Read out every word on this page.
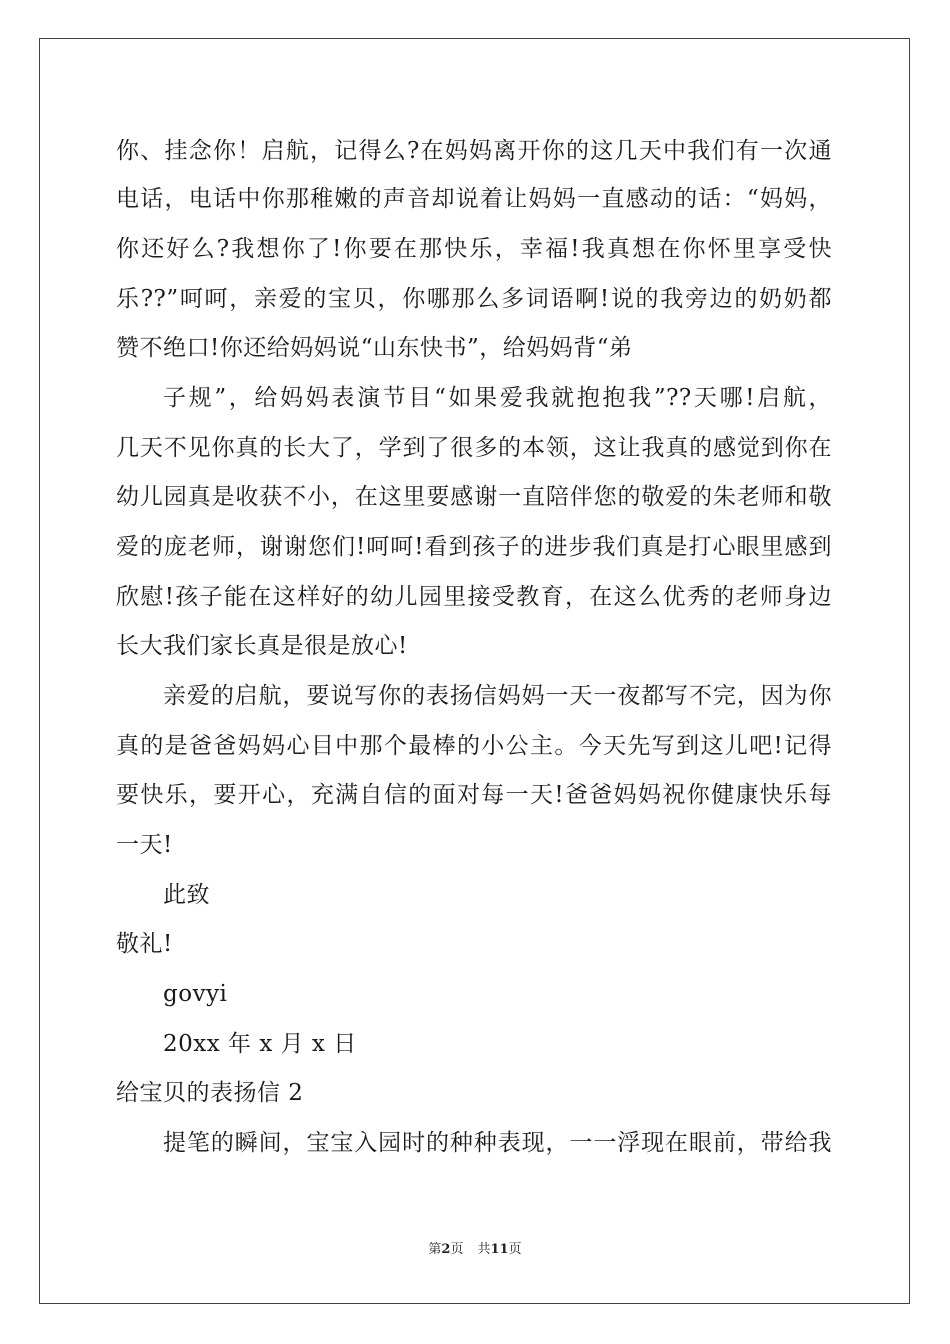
你、挂念你！启航，记得么?在妈妈离开你的这几天中我们有一次通
电话，电话中你那稚嫩的声音却说着让妈妈一直感动的话：“妈妈，
你还好么?我想你了!你要在那快乐，幸福!我真想在你怀里享受快
乐??”呵呵，亲爱的宝贝，你哪那么多词语啊!说的我旁边的奶奶都
赞不绝口!你还给妈妈说“山东快书”，给妈妈背“弟
子规”，给妈妈表演节目“如果爱我就抱抱我”??天哪!启航，
几天不见你真的长大了，学到了很多的本领，这让我真的感觉到你在
幼儿园真是收获不小，在这里要感谢一直陪伴您的敬爱的朱老师和敬
爱的庞老师，谢谢您们!呵呵!看到孩子的进步我们真是打心眼里感到
欣慰!孩子能在这样好的幼儿园里接受教育，在这么优秀的老师身边
长大我们家长真是很是放心!
亲爱的启航，要说写你的表扬信妈妈一天一夜都写不完，因为你
真的是爸爸妈妈心目中那个最棒的小公主。今天先写到这儿吧!记得
要快乐，要开心，充满自信的面对每一天!爸爸妈妈祝你健康快乐每
一天!
此致
敬礼!
govyi
20xx 年 x 月 x 日
给宝贝的表扬信 2
提笔的瞬间，宝宝入园时的种种表现，一一浮现在眼前，带给我
第2页 共11页
